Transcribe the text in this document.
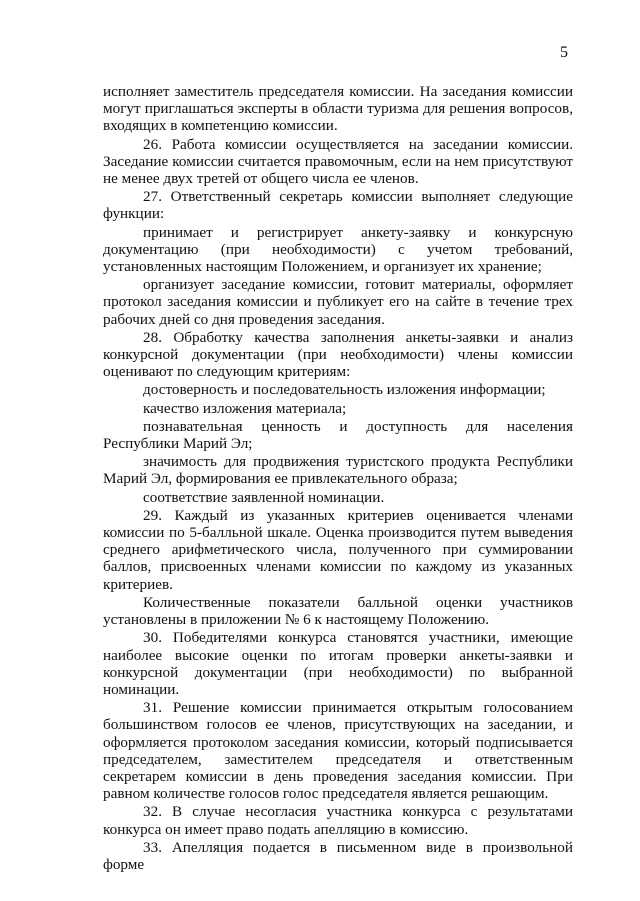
5

исполняет заместитель председателя комиссии. На заседания комиссии могут приглашаться эксперты в области туризма для решения вопросов, входящих в компетенцию комиссии.

26. Работа комиссии осуществляется на заседании комиссии. Заседание комиссии считается правомочным, если на нем присутствуют не менее двух третей от общего числа ее членов.

27. Ответственный секретарь комиссии выполняет следующие функции:

принимает и регистрирует анкету-заявку и конкурсную документацию (при необходимости) с учетом требований, установленных настоящим Положением, и организует их хранение;

организует заседание комиссии, готовит материалы, оформляет протокол заседания комиссии и публикует его на сайте в течение трех рабочих дней со дня проведения заседания.

28. Обработку качества заполнения анкеты-заявки и анализ конкурсной документации (при необходимости) члены комиссии оценивают по следующим критериям:

достоверность и последовательность изложения информации;

качество изложения материала;

познавательная ценность и доступность для населения Республики Марий Эл;

значимость для продвижения туристского продукта Республики Марий Эл, формирования ее привлекательного образа;

соответствие заявленной номинации.

29. Каждый из указанных критериев оценивается членами комиссии по 5-балльной шкале. Оценка производится путем выведения среднего арифметического числа, полученного при суммировании баллов, присвоенных членами комиссии по каждому из указанных критериев.

Количественные показатели балльной оценки участников установлены в приложении № 6 к настоящему Положению.

30. Победителями конкурса становятся участники, имеющие наиболее высокие оценки по итогам проверки анкеты-заявки и конкурсной документации (при необходимости) по выбранной номинации.

31. Решение комиссии принимается открытым голосованием большинством голосов ее членов, присутствующих на заседании, и оформляется протоколом заседания комиссии, который подписывается председателем, заместителем председателя и ответственным секретарем комиссии в день проведения заседания комиссии. При равном количестве голосов голос председателя является решающим.

32. В случае несогласия участника конкурса с результатами конкурса он имеет право подать апелляцию в комиссию.

33. Апелляция подается в письменном виде в произвольной форме
